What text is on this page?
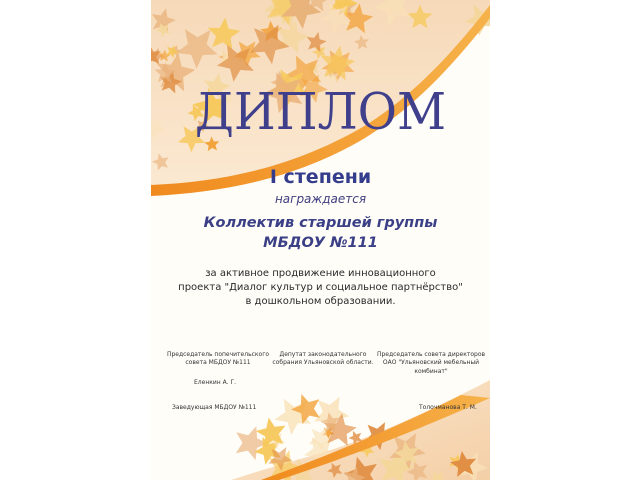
ДИПЛОМ
I степени
награждается
Коллектив старшей группы
МБДОУ №111
за активное продвижение инновационного
проекта "Диалог культур и социальное партнёрство"
в дошкольном образовании.
Председатель попечительского совета МБДОУ №111
Депутат законодательного собрания Ульяновской области.
Председатель совета директоров ОАО "Ульяновский мебельный комбинат"
Еленкин А. Г.
Заведующая МБДОУ №111	Толочманова Т. М.
